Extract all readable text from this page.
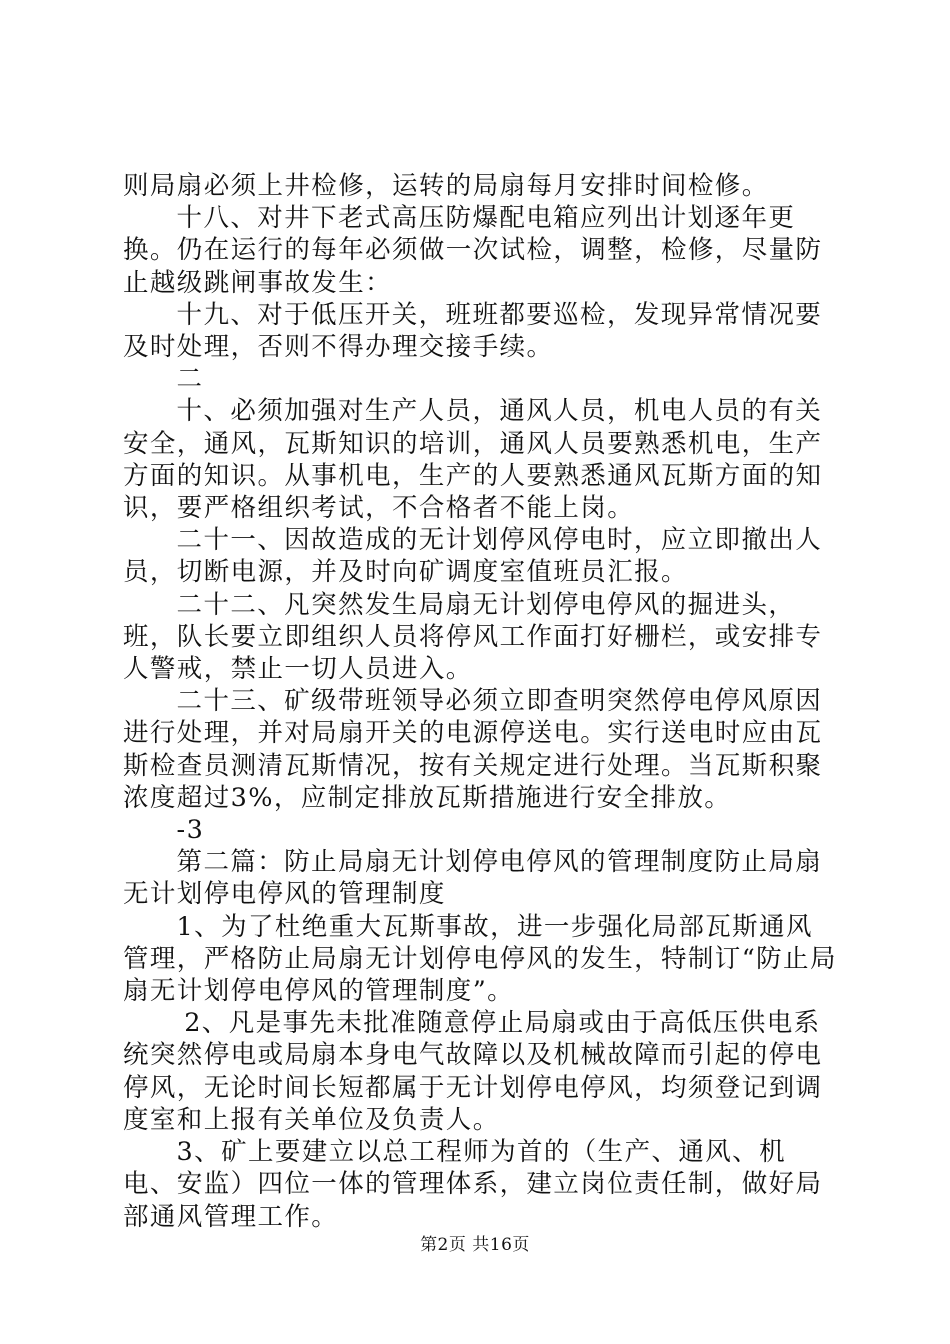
则局扇必须上井检修，运转的局扇每月安排时间检修。

十八、对井下老式高压防爆配电箱应列出计划逐年更换。仍在运行的每年必须做一次试检，调整，检修，尽量防止越级跳闸事故发生：

十九、对于低压开关，班班都要巡检，发现异常情况要及时处理，否则不得办理交接手续。

二

十、必须加强对生产人员，通风人员，机电人员的有关安全，通风，瓦斯知识的培训，通风人员要熟悉机电，生产方面的知识。从事机电，生产的人要熟悉通风瓦斯方面的知识，要严格组织考试，不合格者不能上岗。

二十一、因故造成的无计划停风停电时，应立即撤出人员，切断电源，并及时向矿调度室值班员汇报。

二十二、凡突然发生局扇无计划停电停风的掘进头，班，队长要立即组织人员将停风工作面打好栅栏，或安排专人警戒，禁止一切人员进入。

二十三、矿级带班领导必须立即查明突然停电停风原因进行处理，并对局扇开关的电源停送电。实行送电时应由瓦斯检查员测清瓦斯情况，按有关规定进行处理。当瓦斯积聚浓度超过3%，应制定排放瓦斯措施进行安全排放。

-3

第二篇：防止局扇无计划停电停风的管理制度防止局扇无计划停电停风的管理制度

1、为了杜绝重大瓦斯事故，进一步强化局部瓦斯通风管理，严格防止局扇无计划停电停风的发生，特制订“防止局扇无计划停电停风的管理制度”。

2、凡是事先未批准随意停止局扇或由于高低压供电系统突然停电或局扇本身电气故障以及机械故障而引起的停电停风，无论时间长短都属于无计划停电停风，均须登记到调度室和上报有关单位及负责人。

3、矿上要建立以总工程师为首的（生产、通风、机电、安监）四位一体的管理体系，建立岗位责任制，做好局部通风管理工作。

第2页 共16页
